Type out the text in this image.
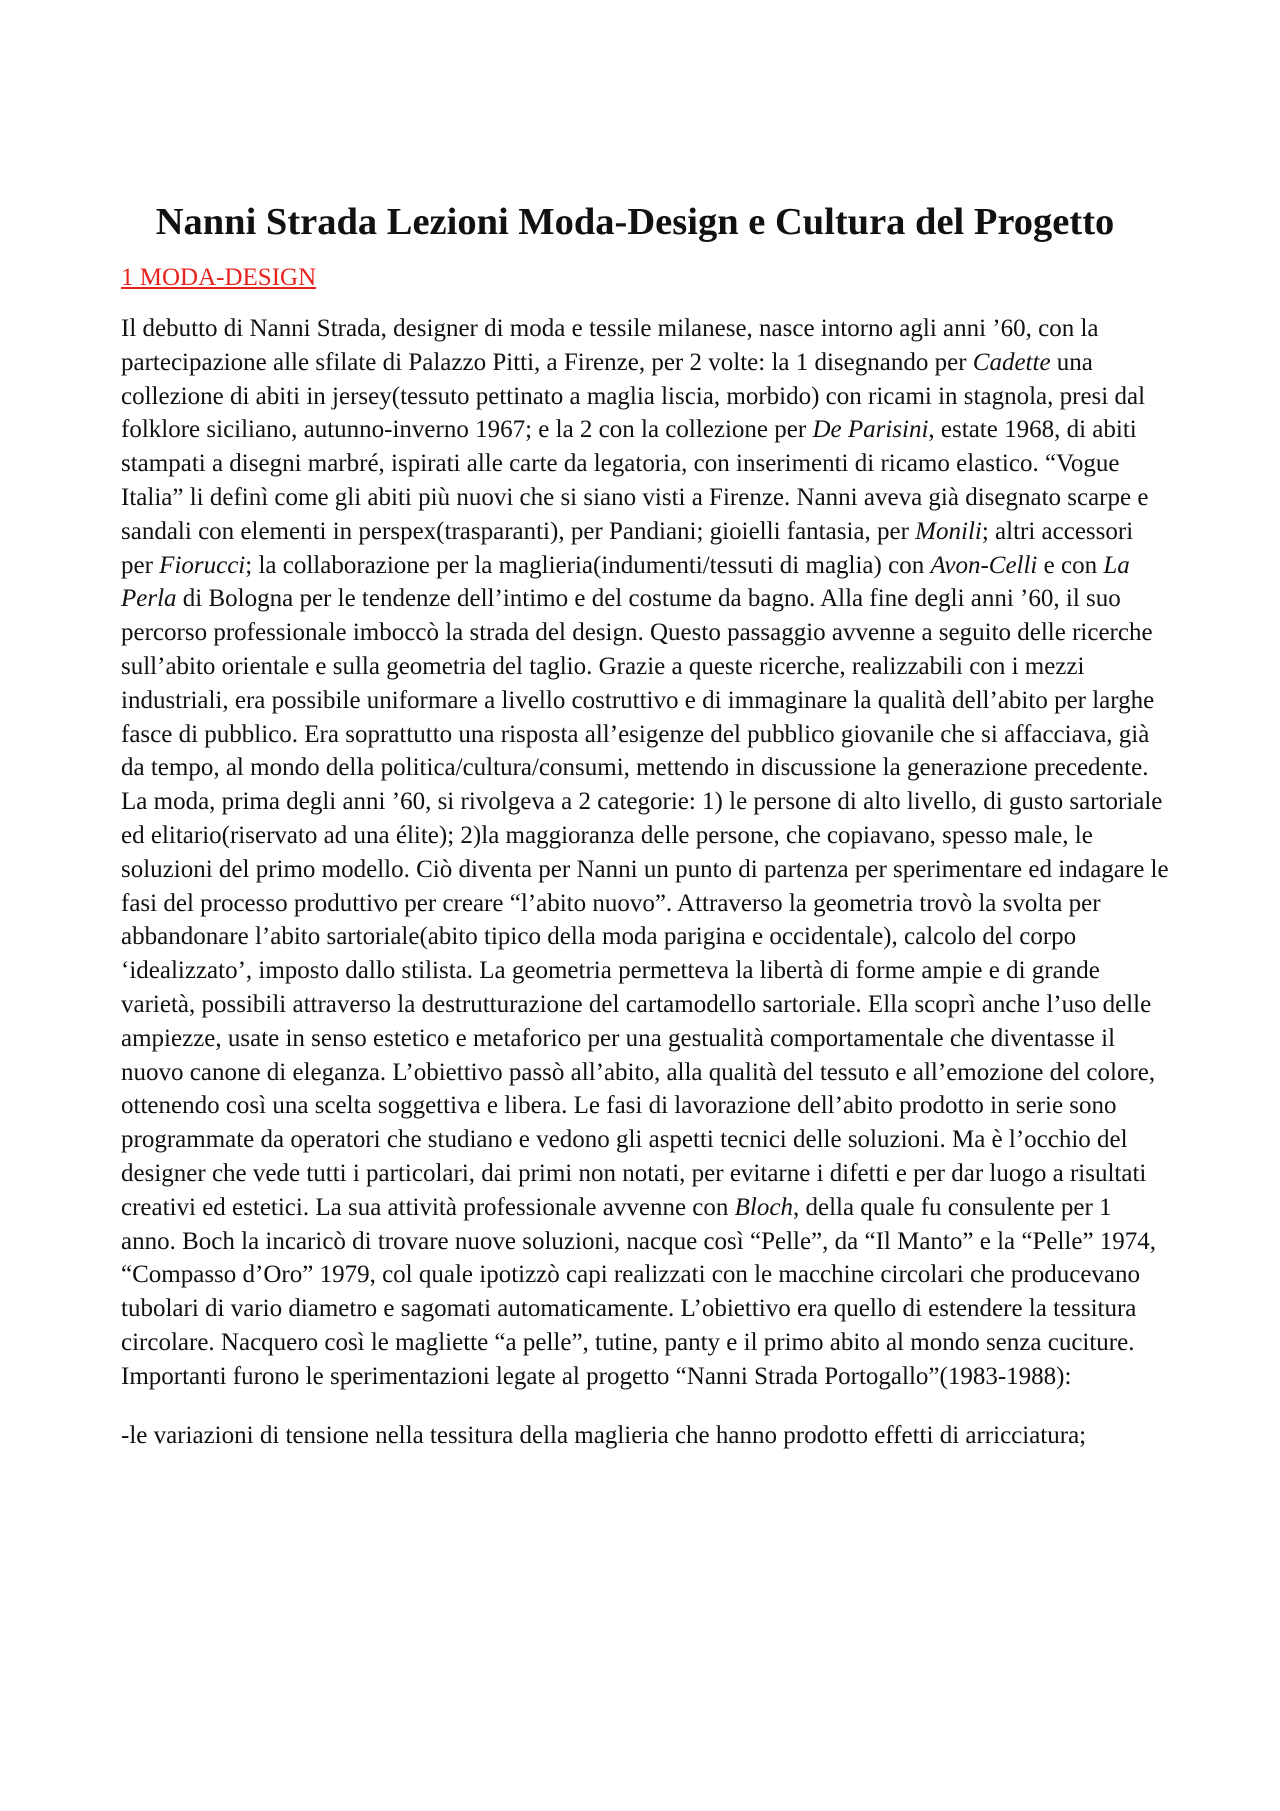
Nanni Strada Lezioni Moda-Design e Cultura del Progetto
1 MODA-DESIGN

Il debutto di Nanni Strada, designer di moda e tessile milanese, nasce intorno agli anni ’60, con la partecipazione alle sfilate di Palazzo Pitti, a Firenze, per 2 volte: la 1 disegnando per Cadette una collezione di abiti in jersey(tessuto pettinato a maglia liscia, morbido) con ricami in stagnola, presi dal folklore siciliano, autunno-inverno 1967; e la 2 con la collezione per De Parisini, estate 1968, di abiti stampati a disegni marbré, ispirati alle carte da legatoria, con inserimenti di ricamo elastico. “Vogue Italia” li definì come gli abiti più nuovi che si siano visti a Firenze. Nanni aveva già disegnato scarpe e sandali con elementi in perspex(trasparanti), per Pandiani; gioielli fantasia, per Monili; altri accessori per Fiorucci; la collaborazione per la maglieria(indumenti/tessuti di maglia) con Avon-Celli e con La Perla di Bologna per le tendenze dell’intimo e del costume da bagno. Alla fine degli anni ’60, il suo percorso professionale imboccò la strada del design. Questo passaggio avvenne a seguito delle ricerche sull’abito orientale e sulla geometria del taglio. Grazie a queste ricerche, realizzabili con i mezzi industriali, era possibile uniformare a livello costruttivo e di immaginare la qualità dell’abito per larghe fasce di pubblico. Era soprattutto una risposta all’esigenze del pubblico giovanile che si affacciava, già da tempo, al mondo della politica/cultura/consumi, mettendo in discussione la generazione precedente. La moda, prima degli anni ’60, si rivolgeva a 2 categorie: 1) le persone di alto livello, di gusto sartoriale ed elitario(riservato ad una élite); 2)la maggioranza delle persone, che copiavano, spesso male, le soluzioni del primo modello. Ciò diventa per Nanni un punto di partenza per sperimentare ed indagare le fasi del processo produttivo per creare “l’abito nuovo”. Attraverso la geometria trovò la svolta per abbandonare l’abito sartoriale(abito tipico della moda parigina e occidentale), calcolo del corpo ‘idealizzato’, imposto dallo stilista. La geometria permetteva la libertà di forme ampie e di grande varietà, possibili attraverso la destrutturazione del cartamodello sartoriale. Ella scoprì anche l’uso delle ampiezze, usate in senso estetico e metaforico per una gestualità comportamentale che diventasse il nuovo canone di eleganza. L’obiettivo passò all’abito, alla qualità del tessuto e all’emozione del colore, ottenendo così una scelta soggettiva e libera. Le fasi di lavorazione dell’abito prodotto in serie sono programmate da operatori che studiano e vedono gli aspetti tecnici delle soluzioni. Ma è l’occhio del designer che vede tutti i particolari, dai primi non notati, per evitarne i difetti e per dar luogo a risultati creativi ed estetici. La sua attività professionale avvenne con Bloch, della quale fu consulente per 1 anno. Boch la incaricò di trovare nuove soluzioni, nacque così “Pelle”, da “Il Manto” e la “Pelle” 1974, “Compasso d’Oro” 1979, col quale ipotizzò capi realizzati con le macchine circolari che producevano tubolari di vario diametro e sagomati automaticamente. L’obiettivo era quello di estendere la tessitura circolare. Nacquero così le magliette “a pelle”, tutine, panty e il primo abito al mondo senza cuciture. Importanti furono le sperimentazioni legate al progetto “Nanni Strada Portogallo”(1983-1988):

-le variazioni di tensione nella tessitura della maglieria che hanno prodotto effetti di arricciatura;
